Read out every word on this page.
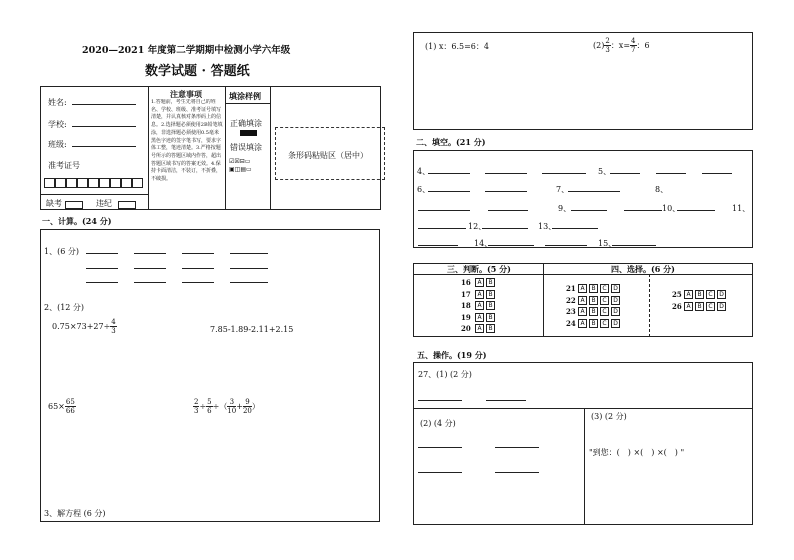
2020—2021 年度第二学期期中检测小学六年级
数学试题 · 答题纸
姓名:
学校:
班级:
准考证号
缺考	违纪
注意事项
1.答题前，考生先将自己的姓名、学校、班级、准考证号填写清楚，并认真核对条形码上的信息。2.选择题必须使用2B铅笔填涂，非选择题必须使用0.5毫米黑色字迹的签字笔书写，要求字体工整，笔迹清楚。3.严格按题号所示的答题区域内作答，超出答题区域书写的答案无效。4.保持卡面清洁，不装订，不折叠，不破损。
填涂样例
正确填涂
错误填涂
☑☒⊟▭
▣◫▤▭
条形码粘贴区（居中）
一、计算。(24 分)
1、(6 分)
2、(12 分)
$0.75\times 73+27\div \frac{4}{3}$	7.85-1.89-2.11+2.15
$65\times \frac{65}{66}$	$\frac{2}{3} \div \frac{5}{6}$ ÷（ $\frac{3}{10} + \frac{9}{20}$ ）
3、解方程 (6 分)
(1) x：6.5=6：4	$(2) \frac{2}{3}$ ：$x= \frac{4}{7}$ ：6
二、填空。(21 分)
4、	5、
6、	7、	8、
9、	10、	11、
12、	13、
14、	15、
三、判断。(5 分)	四、选择。(6 分)
五、操作。(19 分)
27、(1) (2 分)
(2) (4 分)
(3) (2 分)
"到您：(　) ×(　) ×(　) "
16	A	B
17	A	B
18	A	B
19	A	B
20	A	B
21 A	B	C	D
22 A	B	C	D
23 A	B	C	D
24 A	B	C	D
25 A	B	C	D
26 A	B	C	D
